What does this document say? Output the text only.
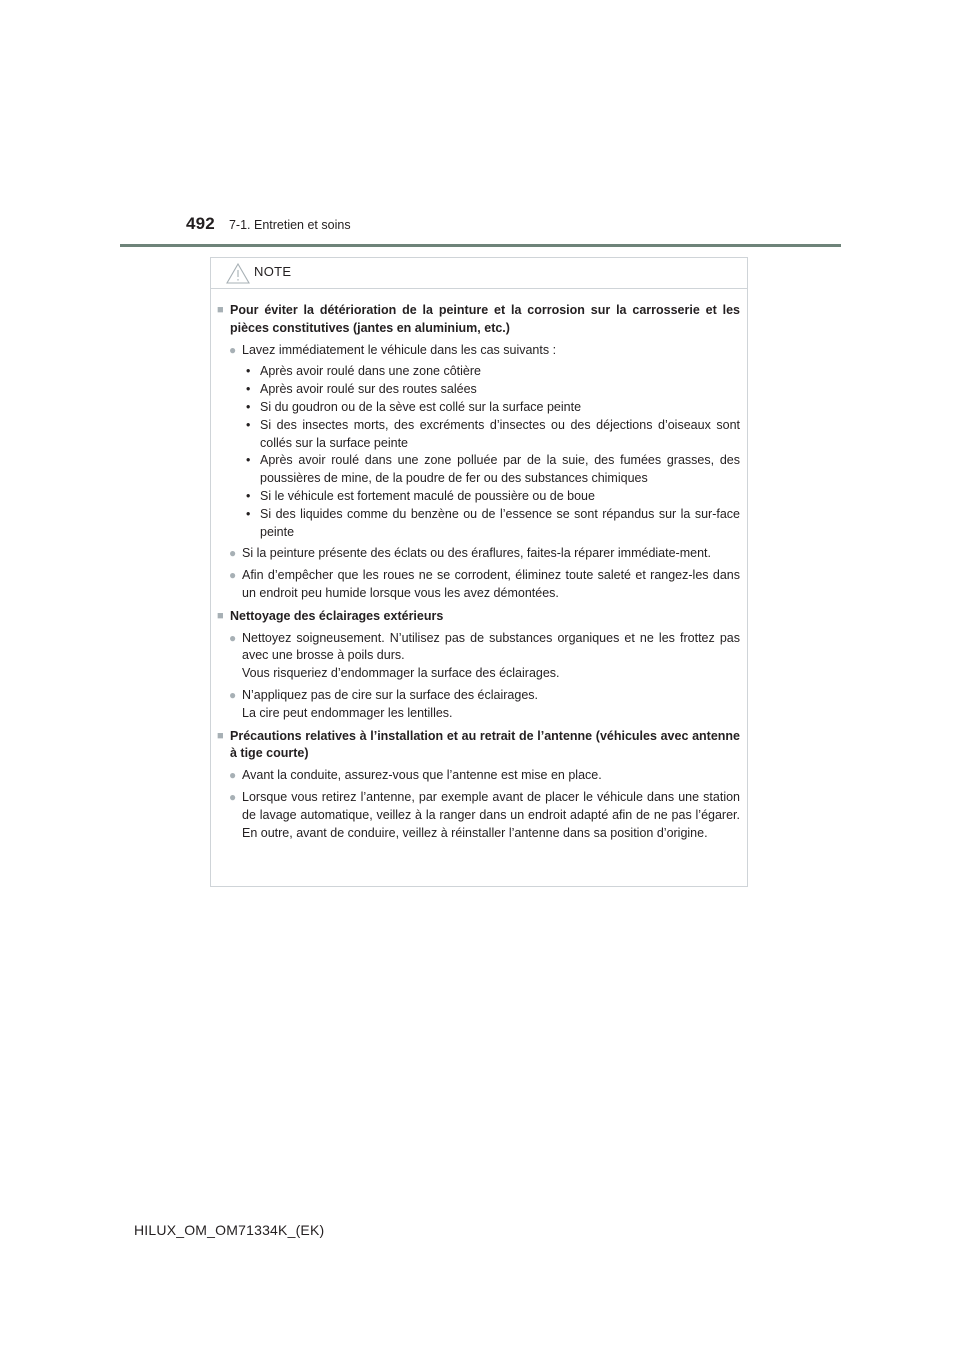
492 7-1. Entretien et soins
NOTE
■ Pour éviter la détérioration de la peinture et la corrosion sur la carrosserie et les pièces constitutives (jantes en aluminium, etc.)
● Lavez immédiatement le véhicule dans les cas suivants :
• Après avoir roulé dans une zone côtière
• Après avoir roulé sur des routes salées
• Si du goudron ou de la sève est collé sur la surface peinte
• Si des insectes morts, des excréments d’insectes ou des déjections d’oiseaux sont collés sur la surface peinte
• Après avoir roulé dans une zone polluée par de la suie, des fumées grasses, des poussières de mine, de la poudre de fer ou des substances chimiques
• Si le véhicule est fortement maculé de poussière ou de boue
• Si des liquides comme du benzène ou de l’essence se sont répandus sur la sur-face peinte
● Si la peinture présente des éclats ou des éraflures, faites-la réparer immédiate-ment.
● Afin d’empêcher que les roues ne se corrodent, éliminez toute saleté et rangez-les dans un endroit peu humide lorsque vous les avez démontées.
■ Nettoyage des éclairages extérieurs
● Nettoyez soigneusement. N’utilisez pas de substances organiques et ne les frottez pas avec une brosse à poils durs.
Vous risqueriez d’endommager la surface des éclairages.
● N’appliquez pas de cire sur la surface des éclairages.
La cire peut endommager les lentilles.
■ Précautions relatives à l’installation et au retrait de l’antenne (véhicules avec antenne à tige courte)
● Avant la conduite, assurez-vous que l’antenne est mise en place.
● Lorsque vous retirez l’antenne, par exemple avant de placer le véhicule dans une station de lavage automatique, veillez à la ranger dans un endroit adapté afin de ne pas l’égarer. En outre, avant de conduire, veillez à réinstaller l’antenne dans sa position d’origine.
HILUX_OM_OM71334K_(EK)
